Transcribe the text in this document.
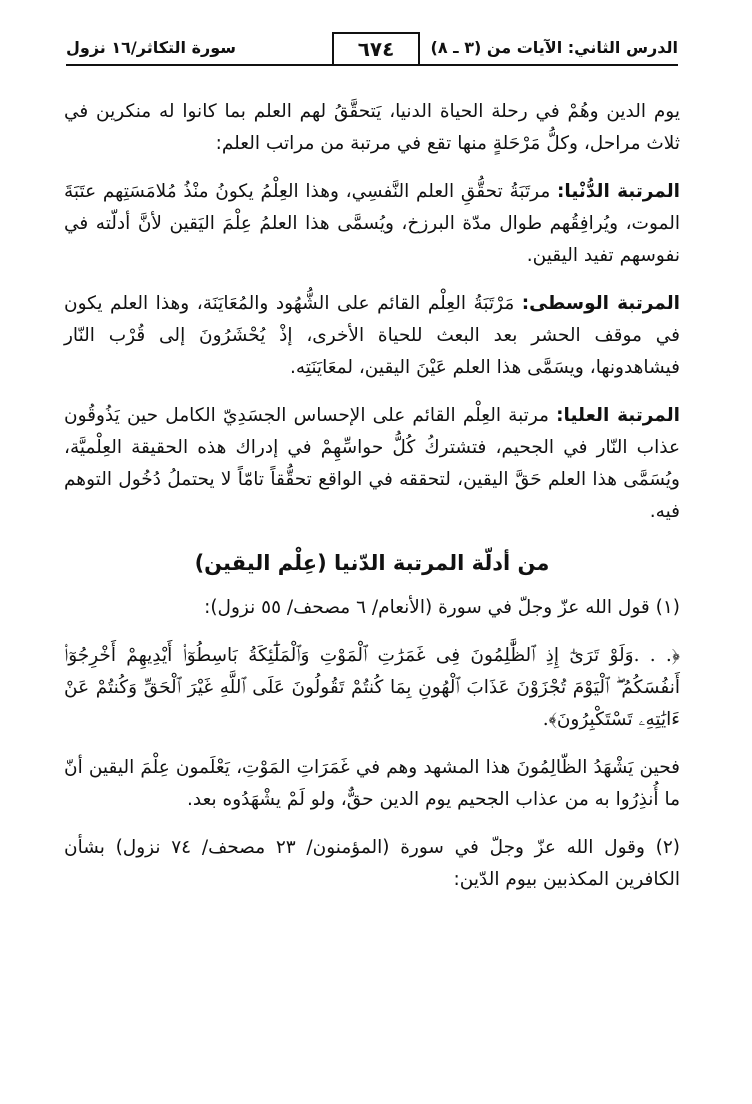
الدرس الثاني: الآيات من (٣ ـ ٨)
٦٧٤
سورة التكاثر/١٦ نزول

يوم الدين وهُمْ في رحلة الحياة الدنيا، يَتحقَّقُ لهم العلم بما كانوا له منكرين في ثلاث مراحل، وكلُّ مَرْحَلةٍ منها تقع في مرتبة من مراتب العلم:

المرتبة الدُّنْيا: مرتَبَةُ تحقُّقِ العلم النَّفسِي، وهذا العِلْمُ يكونُ منْذُ مُلامَسَتِهم عتَبَةَ الموت، ويُرافِقُهم طوال مدّة البرزخ، ويُسمَّى هذا العلمُ عِلْمَ اليَقين لأنَّ أدلّته في نفوسهم تفيد اليقين.

المرتبة الوسطى: مَرْتَبَةُ العِلْم القائم على الشُّهُود والمُعَايَنَة، وهذا العلم يكون في موقف الحشر بعد البعث للحياة الأخرى، إذْ يُحْشَرُونَ إلى قُرْب النّار فيشاهدونها، ويسَمَّى هذا العلم عَيْنَ اليقين، لمعَايَنَتِه.

المرتبة العليا: مرتبة العِلْم القائم على الإحساس الجسَدِيّ الكامل حين يَذُوقُون عذاب النّار في الجحيم، فتشتركُ كُلُّ حواسِّهِمْ في إدراك هذه الحقيقة العِلْميَّة، ويُسَمَّى هذا العلم حَقَّ اليقين، لتحققه في الواقع تحقُّقاً تامّاً لا يحتملُ دُخُول التوهم فيه.

من أدلّة المرتبة الدّنيا (عِلْم اليقين)

(١) قول الله عزّ وجلّ في سورة (الأنعام/ ٦ مصحف/ ٥٥ نزول):

﴿. . .وَلَوْ تَرَىٰٓ إِذِ ٱلظَّٰلِمُونَ فِى غَمَرَٰتِ ٱلْمَوْتِ وَٱلْمَلَٰٓئِكَةُ بَاسِطُوٓا۟ أَيْدِيهِمْ أَخْرِجُوٓا۟ أَنفُسَكُمُ ۖ ٱلْيَوْمَ تُجْزَوْنَ عَذَابَ ٱلْهُونِ بِمَا كُنتُمْ تَقُولُونَ عَلَى ٱللَّهِ غَيْرَ ٱلْحَقِّ وَكُنتُمْ عَنْ ءَايَٰتِهِۦ تَسْتَكْبِرُونَ﴾.

فحين يَشْهَدُ الظّالِمُونَ هذا المشهد وهم في غَمَرَاتِ المَوْتِ، يَعْلَمون عِلْمَ اليقين أنّ ما أُنذِرُوا به من عذاب الجحيم يوم الدين حقٌّ، ولو لَمْ يشْهَدُوه بعد.

(٢) وقول الله عزّ وجلّ في سورة (المؤمنون/ ٢٣ مصحف/ ٧٤ نزول) بشأن الكافرين المكذبين بيوم الدّين:
